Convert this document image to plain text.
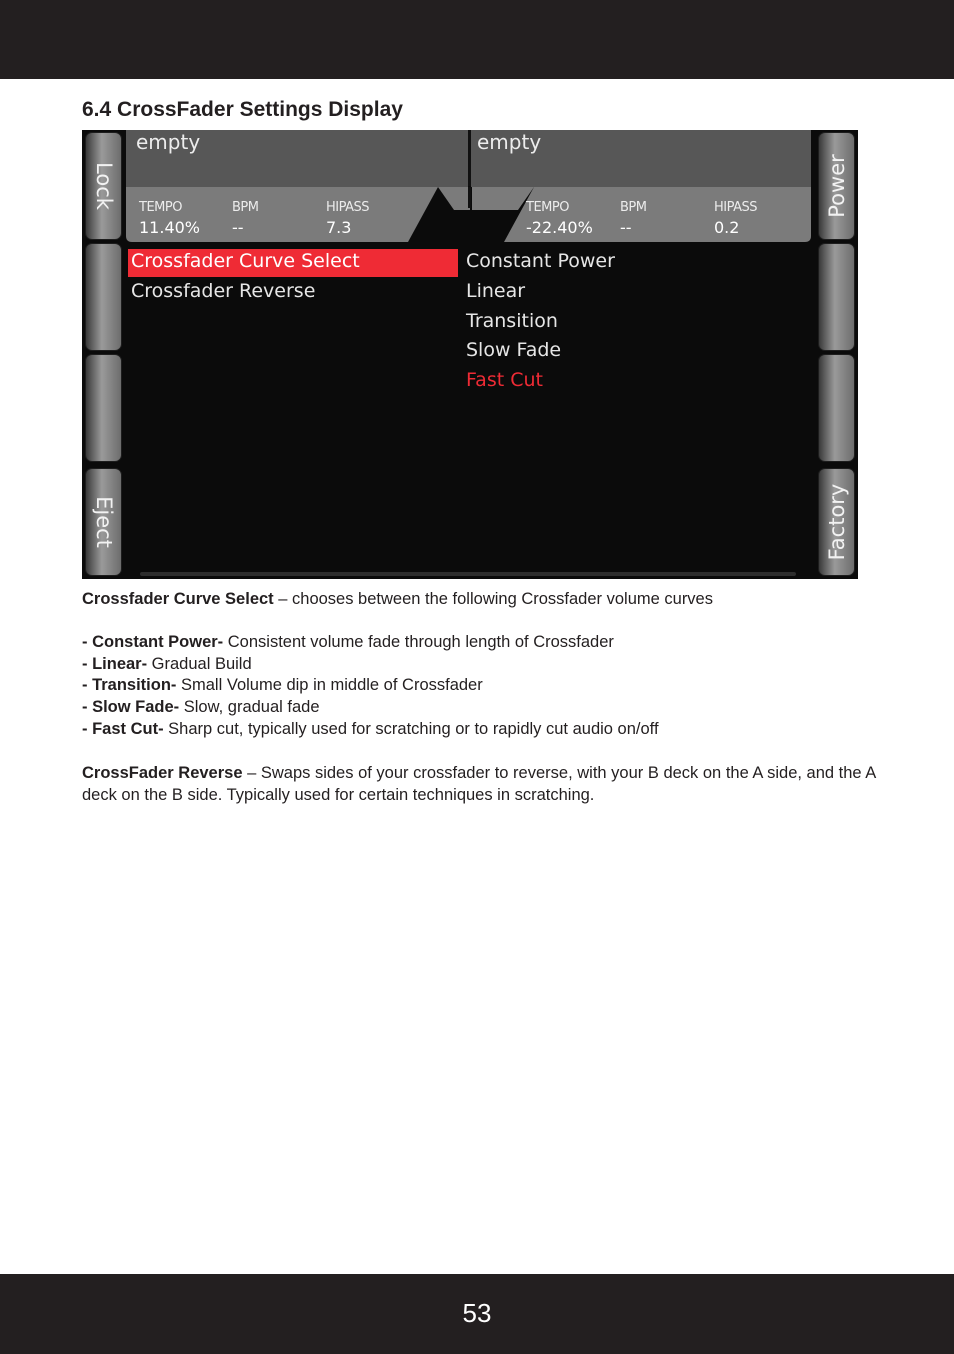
6.4 CrossFader Settings Display
Lock
Eject
Power
Factory
empty	empty
TEMPO
11.40%
BPM
--
HIPASS
7.3
TEMPO
-22.40%
BPM
--
HIPASS
0.2
Crossfader Curve Select
Crossfader Reverse
Constant Power
Linear
Transition
Slow Fade
Fast Cut

Crossfader Curve Select – chooses between the following Crossfader volume curves

- Constant Power- Consistent volume fade through length of Crossfader
- Linear- Gradual Build
- Transition- Small Volume dip in middle of Crossfader
- Slow Fade- Slow, gradual fade
- Fast Cut- Sharp cut, typically used for scratching or to rapidly cut audio on/off

CrossFader Reverse – Swaps sides of your crossfader to reverse, with your B deck on the A side, and the A deck on the B side. Typically used for certain techniques in scratching.

53
